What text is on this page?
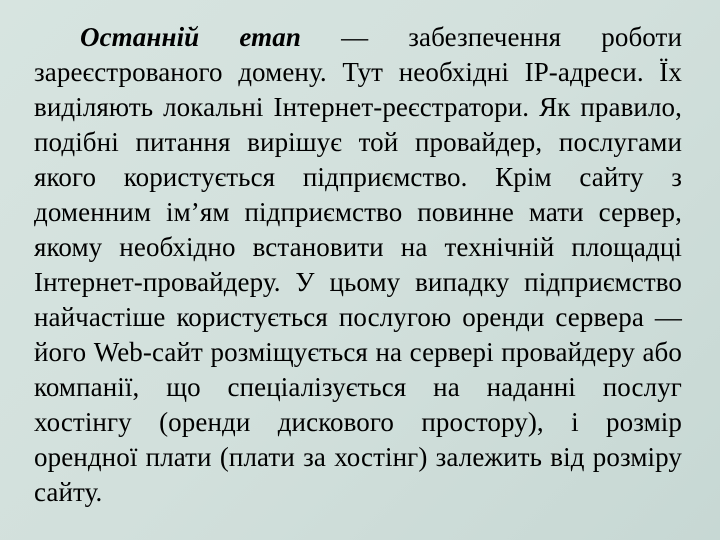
Останній етап — забезпечення роботи зареєстрованого домену. Тут необхідні IP-адреси. Їх виділяють локальні Інтернет-реєстратори. Як правило, подібні питання вирішує той провайдер, послугами якого користується підприємство. Крім сайту з доменним ім’ям підприємство повинне мати сервер, якому необхідно встановити на технічній площадці Інтернет-провайдеру. У цьому випадку підприємство найчастіше користується послугою оренди сервера — його Web-сайт розміщується на сервері провайдеру або компанії, що спеціалізується на наданні послуг хостінгу (оренди дискового простору), і розмір орендної плати (плати за хостінг) залежить від розміру сайту.
